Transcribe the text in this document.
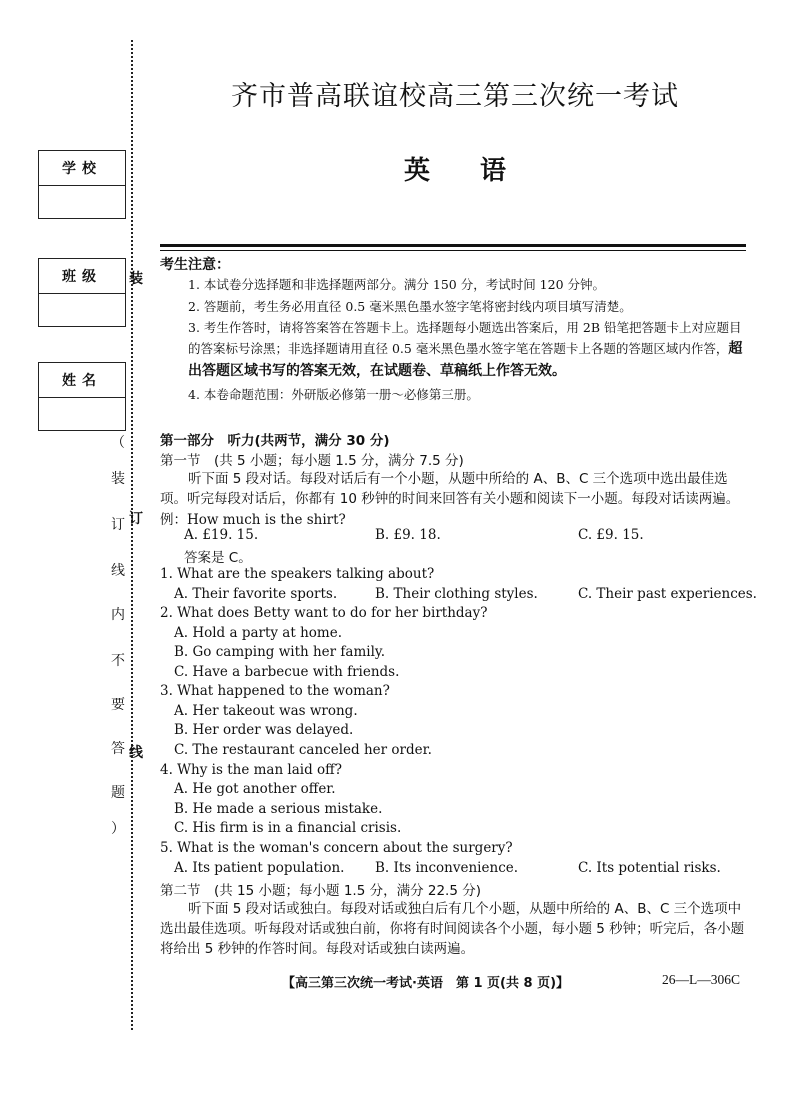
学校
班级
姓名
装
订
线
（
装
订
线
内
不
要
答
题
）
齐市普高联谊校高三第三次统一考试
英语
考生注意：
1. 本试卷分选择题和非选择题两部分。满分 150 分，考试时间 120 分钟。
2. 答题前，考生务必用直径 0.5 毫米黑色墨水签字笔将密封线内项目填写清楚。
3. 考生作答时，请将答案答在答题卡上。选择题每小题选出答案后，用 2B 铅笔把答题卡上对应题目的答案标号涂黑；非选择题请用直径 0.5 毫米黑色墨水签字笔在答题卡上各题的答题区域内作答，超出答题区域书写的答案无效，在试题卷、草稿纸上作答无效。
4. 本卷命题范围：外研版必修第一册～必修第三册。
第一部分　听力(共两节，满分 30 分)
第一节　(共 5 小题；每小题 1.5 分，满分 7.5 分)
听下面 5 段对话。每段对话后有一个小题，从题中所给的 A、B、C 三个选项中选出最佳选项。听完每段对话后，你都有 10 秒钟的时间来回答有关小题和阅读下一小题。每段对话读两遍。
例：How much is the shirt?
A. £19. 15.	B. £9. 18.	C. £9. 15.
答案是 C。
1. What are the speakers talking about?
A. Their favorite sports.	B. Their clothing styles.	C. Their past experiences.
2. What does Betty want to do for her birthday?
A. Hold a party at home.
B. Go camping with her family.
C. Have a barbecue with friends.
3. What happened to the woman?
A. Her takeout was wrong.
B. Her order was delayed.
C. The restaurant canceled her order.
4. Why is the man laid off?
A. He got another offer.
B. He made a serious mistake.
C. His firm is in a financial crisis.
5. What is the woman's concern about the surgery?
A. Its patient population. B. Its inconvenience.	C. Its potential risks.
第二节　(共 15 小题；每小题 1.5 分，满分 22.5 分)
听下面 5 段对话或独白。每段对话或独白后有几个小题，从题中所给的 A、B、C 三个选项中选出最佳选项。听每段对话或独白前，你将有时间阅读各个小题，每小题 5 秒钟；听完后，各小题将给出 5 秒钟的作答时间。每段对话或独白读两遍。
【高三第三次统一考试·英语　第 1 页(共 8 页)】	26—L—306C
